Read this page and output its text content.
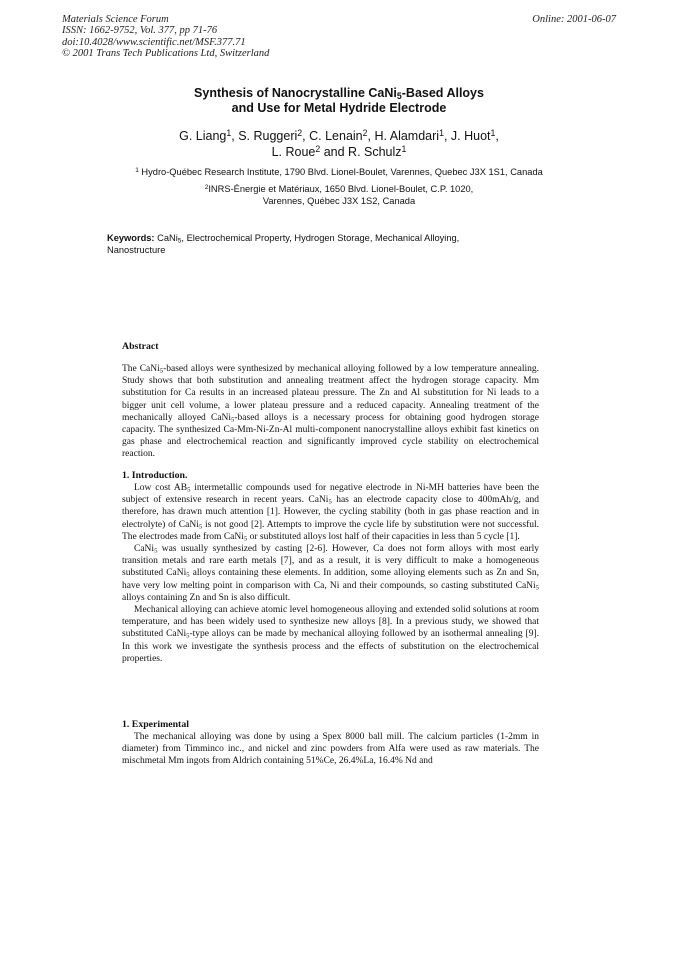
Materials Science Forum
ISSN: 1662-9752, Vol. 377, pp 71-76
doi:10.4028/www.scientific.net/MSF.377.71
© 2001 Trans Tech Publications Ltd, Switzerland
Online: 2001-06-07
Synthesis of Nanocrystalline CaNi$_5$-Based Alloys
and Use for Metal Hydride Electrode
G. Liang$^1$, S. Ruggeri$^2$, C. Lenain$^2$, H. Alamdari$^1$, J. Huot$^1$,
L. Roue$^2$ and R. Schulz$^1$
$^1$ Hydro-Québec Research Institute, 1790 Blvd. Lionel-Boulet, Varennes, Quebec J3X 1S1, Canada
$^2$INRS-Énergie et Matériaux, 1650 Blvd. Lionel-Boulet, C.P. 1020,
Varennes, Québec J3X 1S2, Canada
Keywords: CaNi$_5$, Electrochemical Property, Hydrogen Storage, Mechanical Alloying,
Nanostructure
Abstract

The CaNi$_5$-based alloys were synthesized by mechanical alloying followed by a low temperature annealing. Study shows that both substitution and annealing treatment affect the hydrogen storage capacity. Mm substitution for Ca results in an increased plateau pressure. The Zn and Al substitution for Ni leads to a bigger unit cell volume, a lower plateau pressure and a reduced capacity. Annealing treatment of the mechanically alloyed CaNi$_5$-based alloys is a necessary process for obtaining good hydrogen storage capacity. The synthesized Ca-Mm-Ni-Zn-Al multi-component nanocrystalline alloys exhibit fast kinetics on gas phase and electrochemical reaction and significantly improved cycle stability on electrochemical reaction.

1. Introduction.

Low cost $AB_5$ intermetallic compounds used for negative electrode in Ni-MH batteries have been the subject of extensive research in recent years. CaNi$_5$ has an electrode capacity close to 400mAh/g, and therefore, has drawn much attention [1]. However, the cycling stability (both in gas phase reaction and in electrolyte) of CaNi$_5$ is not good [2]. Attempts to improve the cycle life by substitution were not successful. The electrodes made from CaNi$_5$ or substituted alloys lost half of their capacities in less than 5 cycle [1].

CaNi$_5$ was usually synthesized by casting [2-6]. However, Ca does not form alloys with most early transition metals and rare earth metals [7], and as a result, it is very difficult to make a homogeneous substituted CaNi$_5$ alloys containing these elements. In addition, some alloying elements such as Zn and Sn, have very low melting point in comparison with Ca, Ni and their compounds, so casting substituted CaNi$_5$ alloys containing Zn and Sn is also difficult.

Mechanical alloying can achieve atomic level homogeneous alloying and extended solid solutions at room temperature, and has been widely used to synthesize new alloys [8]. In a previous study, we showed that substituted CaNi$_5$-type alloys can be made by mechanical alloying followed by an isothermal annealing [9]. In this work we investigate the synthesis process and the effects of substitution on the electrochemical properties.

1. Experimental

The mechanical alloying was done by using a Spex 8000 ball mill. The calcium particles (1-2mm in diameter) from Timminco inc., and nickel and zinc powders from Alfa were used as raw materials. The mischmetal Mm ingots from Aldrich containing 51%Ce, 26.4%La, 16.4% Nd and
